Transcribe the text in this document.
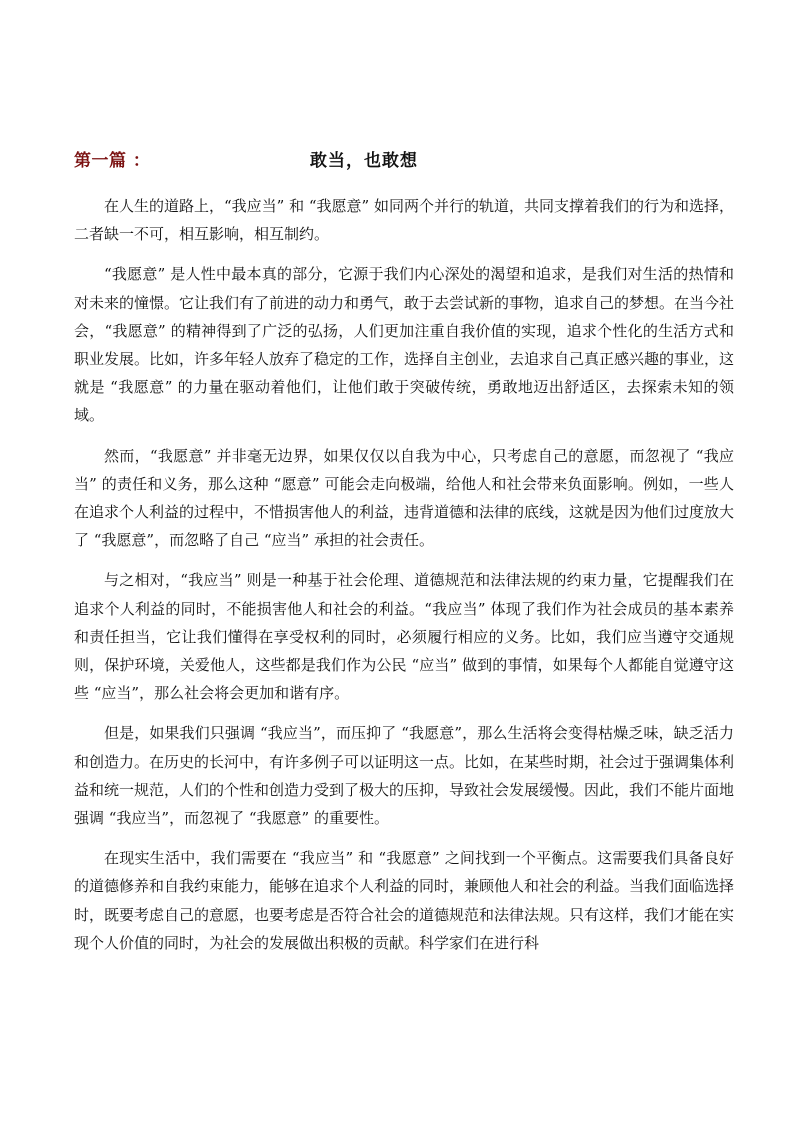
第一篇 ：	敢当，也敢想

在人生的道路上，“我应当” 和 “我愿意” 如同两个并行的轨道，共同支撑着我们的行为和选择，二者缺一不可，相互影响，相互制约。

“我愿意” 是人性中最本真的部分，它源于我们内心深处的渴望和追求，是我们对生活的热情和对未来的憧憬。它让我们有了前进的动力和勇气，敢于去尝试新的事物，追求自己的梦想。在当今社会，“我愿意” 的精神得到了广泛的弘扬，人们更加注重自我价值的实现，追求个性化的生活方式和职业发展。比如，许多年轻人放弃了稳定的工作，选择自主创业，去追求自己真正感兴趣的事业，这就是 “我愿意” 的力量在驱动着他们，让他们敢于突破传统，勇敢地迈出舒适区，去探索未知的领域。

然而，“我愿意” 并非毫无边界，如果仅仅以自我为中心，只考虑自己的意愿，而忽视了 “我应当” 的责任和义务，那么这种 “愿意” 可能会走向极端，给他人和社会带来负面影响。例如，一些人在追求个人利益的过程中，不惜损害他人的利益，违背道德和法律的底线，这就是因为他们过度放大了 “我愿意”，而忽略了自己 “应当” 承担的社会责任。

与之相对，“我应当” 则是一种基于社会伦理、道德规范和法律法规的约束力量，它提醒我们在追求个人利益的同时，不能损害他人和社会的利益。“我应当” 体现了我们作为社会成员的基本素养和责任担当，它让我们懂得在享受权利的同时，必须履行相应的义务。比如，我们应当遵守交通规则，保护环境，关爱他人，这些都是我们作为公民 “应当” 做到的事情，如果每个人都能自觉遵守这些 “应当”，那么社会将会更加和谐有序。

但是，如果我们只强调 “我应当”，而压抑了 “我愿意”，那么生活将会变得枯燥乏味，缺乏活力和创造力。在历史的长河中，有许多例子可以证明这一点。比如，在某些时期，社会过于强调集体利益和统一规范，人们的个性和创造力受到了极大的压抑，导致社会发展缓慢。因此，我们不能片面地强调 “我应当”，而忽视了 “我愿意” 的重要性。

在现实生活中，我们需要在 “我应当” 和 “我愿意” 之间找到一个平衡点。这需要我们具备良好的道德修养和自我约束能力，能够在追求个人利益的同时，兼顾他人和社会的利益。当我们面临选择时，既要考虑自己的意愿，也要考虑是否符合社会的道德规范和法律法规。只有这样，我们才能在实现个人价值的同时，为社会的发展做出积极的贡献。科学家们在进行科
